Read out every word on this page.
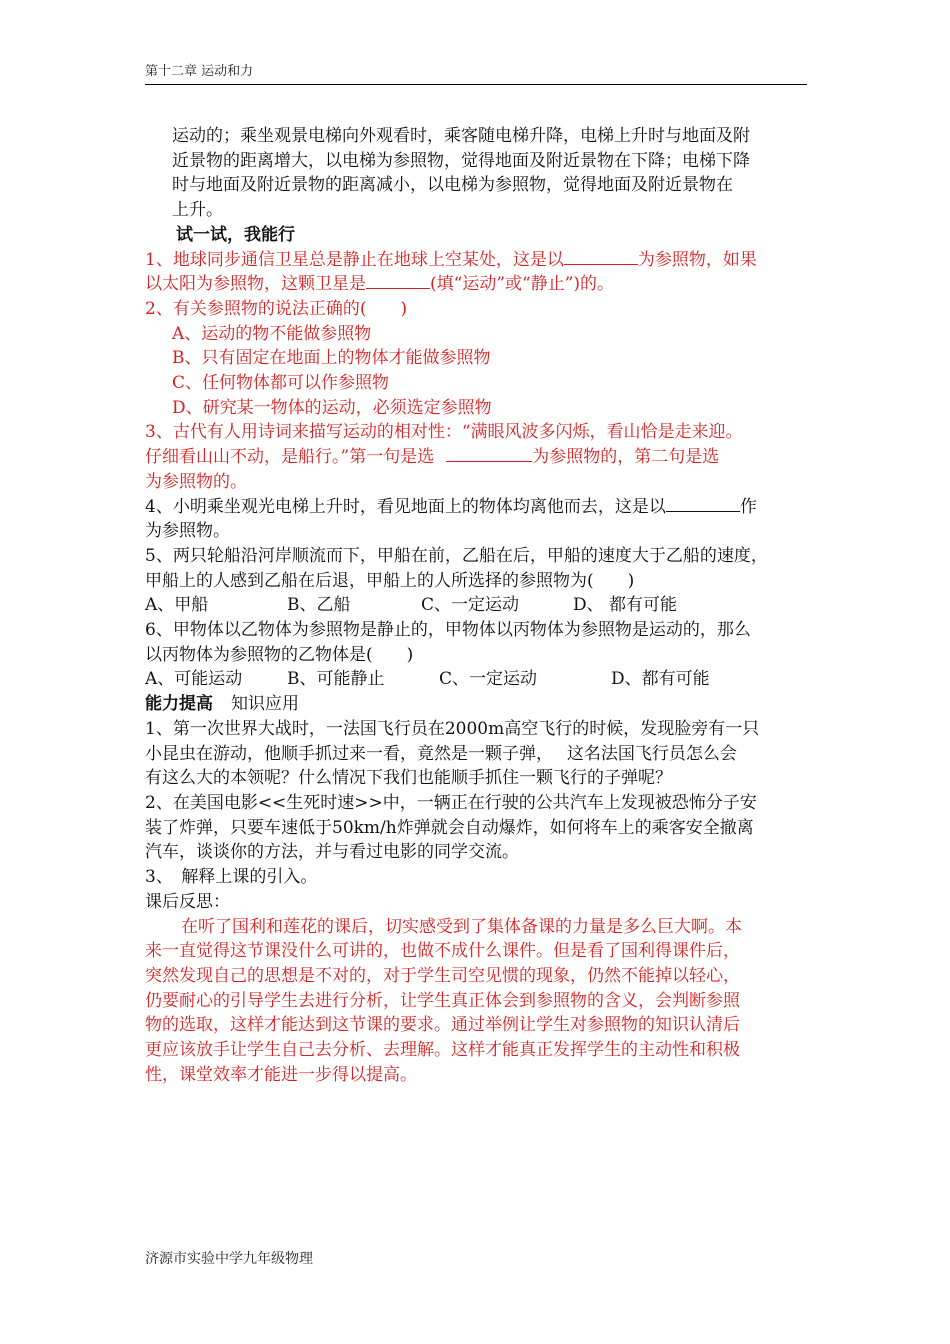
第十二章 运动和力

运动的；乘坐观景电梯向外观看时，乘客随电梯升降，电梯上升时与地面及附

近景物的距离增大，以电梯为参照物，觉得地面及附近景物在下降；电梯下降

时与地面及附近景物的距离减小，以电梯为参照物，觉得地面及附近景物在

上升。

试一试，我能行

1、地球同步通信卫星总是静止在地球上空某处，这是以	为参照物，如果

以太阳为参照物，这颗卫星是	(填“运动”或“静止”)的。

2、有关参照物的说法正确的(　　)

A、运动的物不能做参照物

B、只有固定在地面上的物体才能做参照物

C、任何物体都可以作参照物

D、研究某一物体的运动，必须选定参照物

3、古代有人用诗词来描写运动的相对性：“满眼风波多闪烁，看山恰是走来迎。

仔细看山山不动，是船行。”第一句是选	为参照物的，第二句是选

为参照物的。

4、小明乘坐观光电梯上升时，看见地面上的物体均离他而去，这是以	作

为参照物。

5、两只轮船沿河岸顺流而下，甲船在前，乙船在后，甲船的速度大于乙船的速度，

甲船上的人感到乙船在后退，甲船上的人所选择的参照物为(　　)

A、甲船	B、乙船	C、一定运动	D、 都有可能

6、甲物体以乙物体为参照物是静止的，甲物体以丙物体为参照物是运动的，那么

以丙物体为参照物的乙物体是(　　)

A、可能运动	B、可能静止	C、一定运动	D、都有可能

能力提高 知识应用

1、第一次世界大战时，一法国飞行员在2000m高空飞行的时候，发现脸旁有一只

小昆虫在游动，他顺手抓过来一看，竟然是一颗子弹，　 这名法国飞行员怎么会

有这么大的本领呢？什么情况下我们也能顺手抓住一颗飞行的子弹呢？

2、在美国电影<<生死时速>>中，一辆正在行驶的公共汽车上发现被恐怖分子安

装了炸弹，只要车速低于50km/h炸弹就会自动爆炸，如何将车上的乘客安全撤离

汽车，谈谈你的方法，并与看过电影的同学交流。

3、　解释上课的引入。

课后反思：

在听了国利和莲花的课后，切实感受到了集体备课的力量是多么巨大啊。本

来一直觉得这节课没什么可讲的，也做不成什么课件。但是看了国利得课件后，

突然发现自己的思想是不对的，对于学生司空见惯的现象，仍然不能掉以轻心，

仍要耐心的引导学生去进行分析，让学生真正体会到参照物的含义，会判断参照

物的选取，这样才能达到这节课的要求。通过举例让学生对参照物的知识认清后

更应该放手让学生自己去分析、去理解。这样才能真正发挥学生的主动性和积极

性，课堂效率才能进一步得以提高。

济源市实验中学九年级物理
